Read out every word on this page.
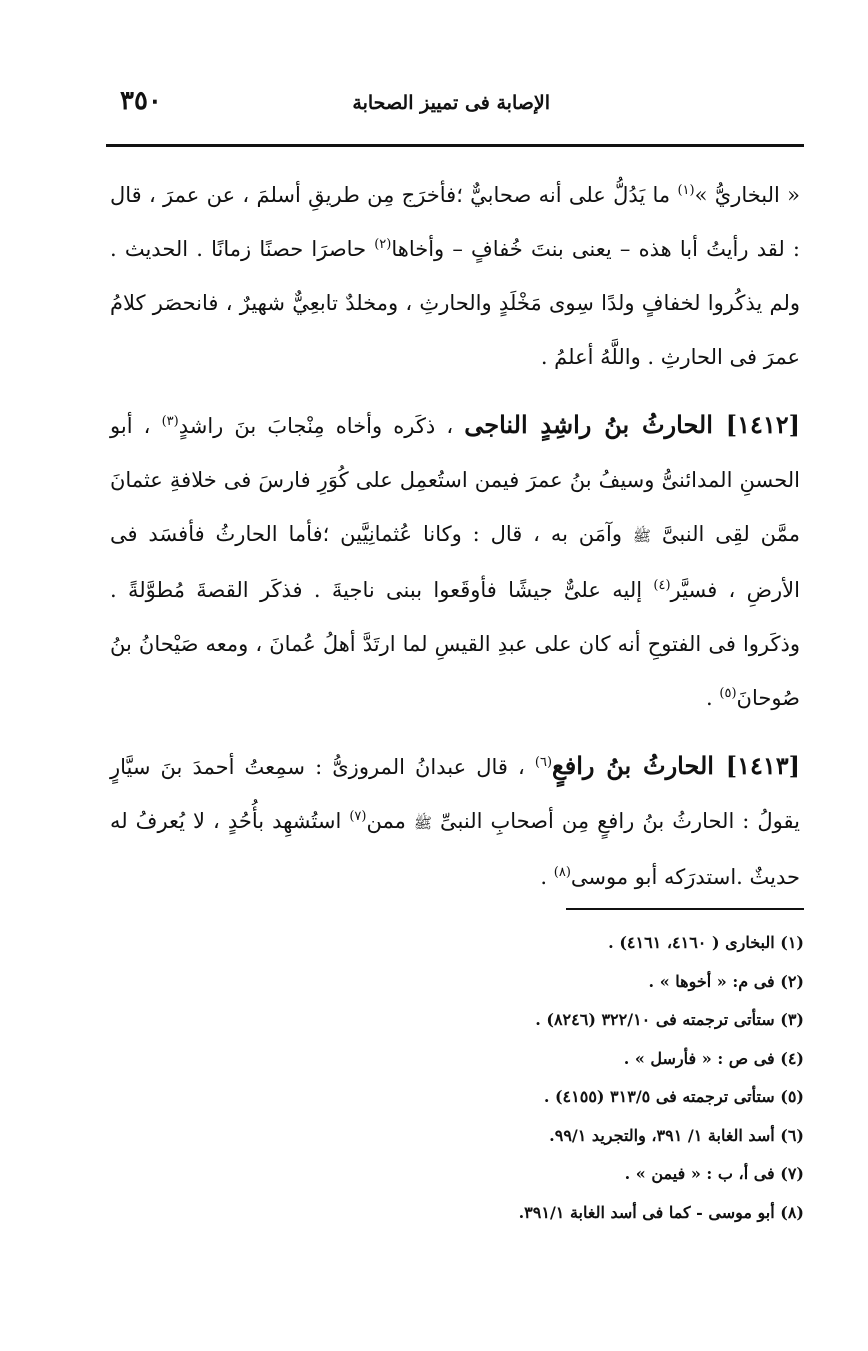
٣٥٠	الإصابة فى تمييز الصحابة

« البخاريُّ »$^{(١)}$ ما يَدُلُّ على أنه صحابيٌّ ؛فأخرَج مِن طريقِ أسلمَ ، عن عمرَ ، قال : لقد رأيتُ أبا هذه – يعنى بنتَ خُفافٍ – وأخاها$^{(٢)}$ حاصرَا حصنًا زمانًا . الحديث . ولم يذكُروا لخفافٍ ولدًا سِوى مَخْلَدٍ والحارثِ ، ومخلدٌ تابعِيٌّ شهيرٌ ، فانحصَر كلامُ عمرَ فى الحارثِ . واللَّهُ أعلمُ .

[١٤١٢] الحارثُ بنُ راشِدٍ الناجى ، ذكَره وأخاه مِنْجابَ بنَ راشدٍ$^{(٣)}$ ، أبو الحسنِ المدائنىُّ وسيفُ بنُ عمرَ فيمن استُعمِل على كُوَرِ فارسَ فى خلافةِ عثمانَ ممَّن لقِى النبىَّ ﷺ وآمَن به ، قال : وكانا عُثمانِيَّين ؛فأما الحارثُ فأفسَد فى الأرضِ ، فسيَّر$^{(٤)}$ إليه علىٌّ جيشًا فأوقَعوا ببنى ناجيةَ . فذكَر القصةَ مُطوَّلةً . وذكَروا فى الفتوحِ أنه كان على عبدِ القيسِ لما ارتَدَّ أهلُ عُمانَ ، ومعه صَيْحانُ بنُ صُوحانَ$^{(٥)}$ .

[١٤١٣] الحارثُ بنُ رافعٍ$^{(٦)}$ ، قال عبدانُ المروزىُّ : سمِعتُ أحمدَ بنَ سيَّارٍ يقولُ : الحارثُ بنُ رافعٍ مِن أصحابِ النبىِّ ﷺ ممن$^{(٧)}$ استُشهِد بأُحُدٍ ، لا يُعرفُ له حديثٌ .استدرَكه أبو موسى$^{(٨)}$ .

(١) البخارى ( ٤١٦٠، ٤١٦١) .
(٢) فى م: « أخوها » .
(٣) ستأتى ترجمته فى ٣٢٢/١٠ (٨٢٤٦) .
(٤) فى ص : « فأرسل » .
(٥) ستأتى ترجمته فى ٣١٣/٥ (٤١٥٥) .
(٦) أسد الغابة ١/ ٣٩١، والتجريد ٩٩/١.
(٧) فى أ، ب : « فيمن » .
(٨) أبو موسى - كما فى أسد الغابة ٣٩١/١.
